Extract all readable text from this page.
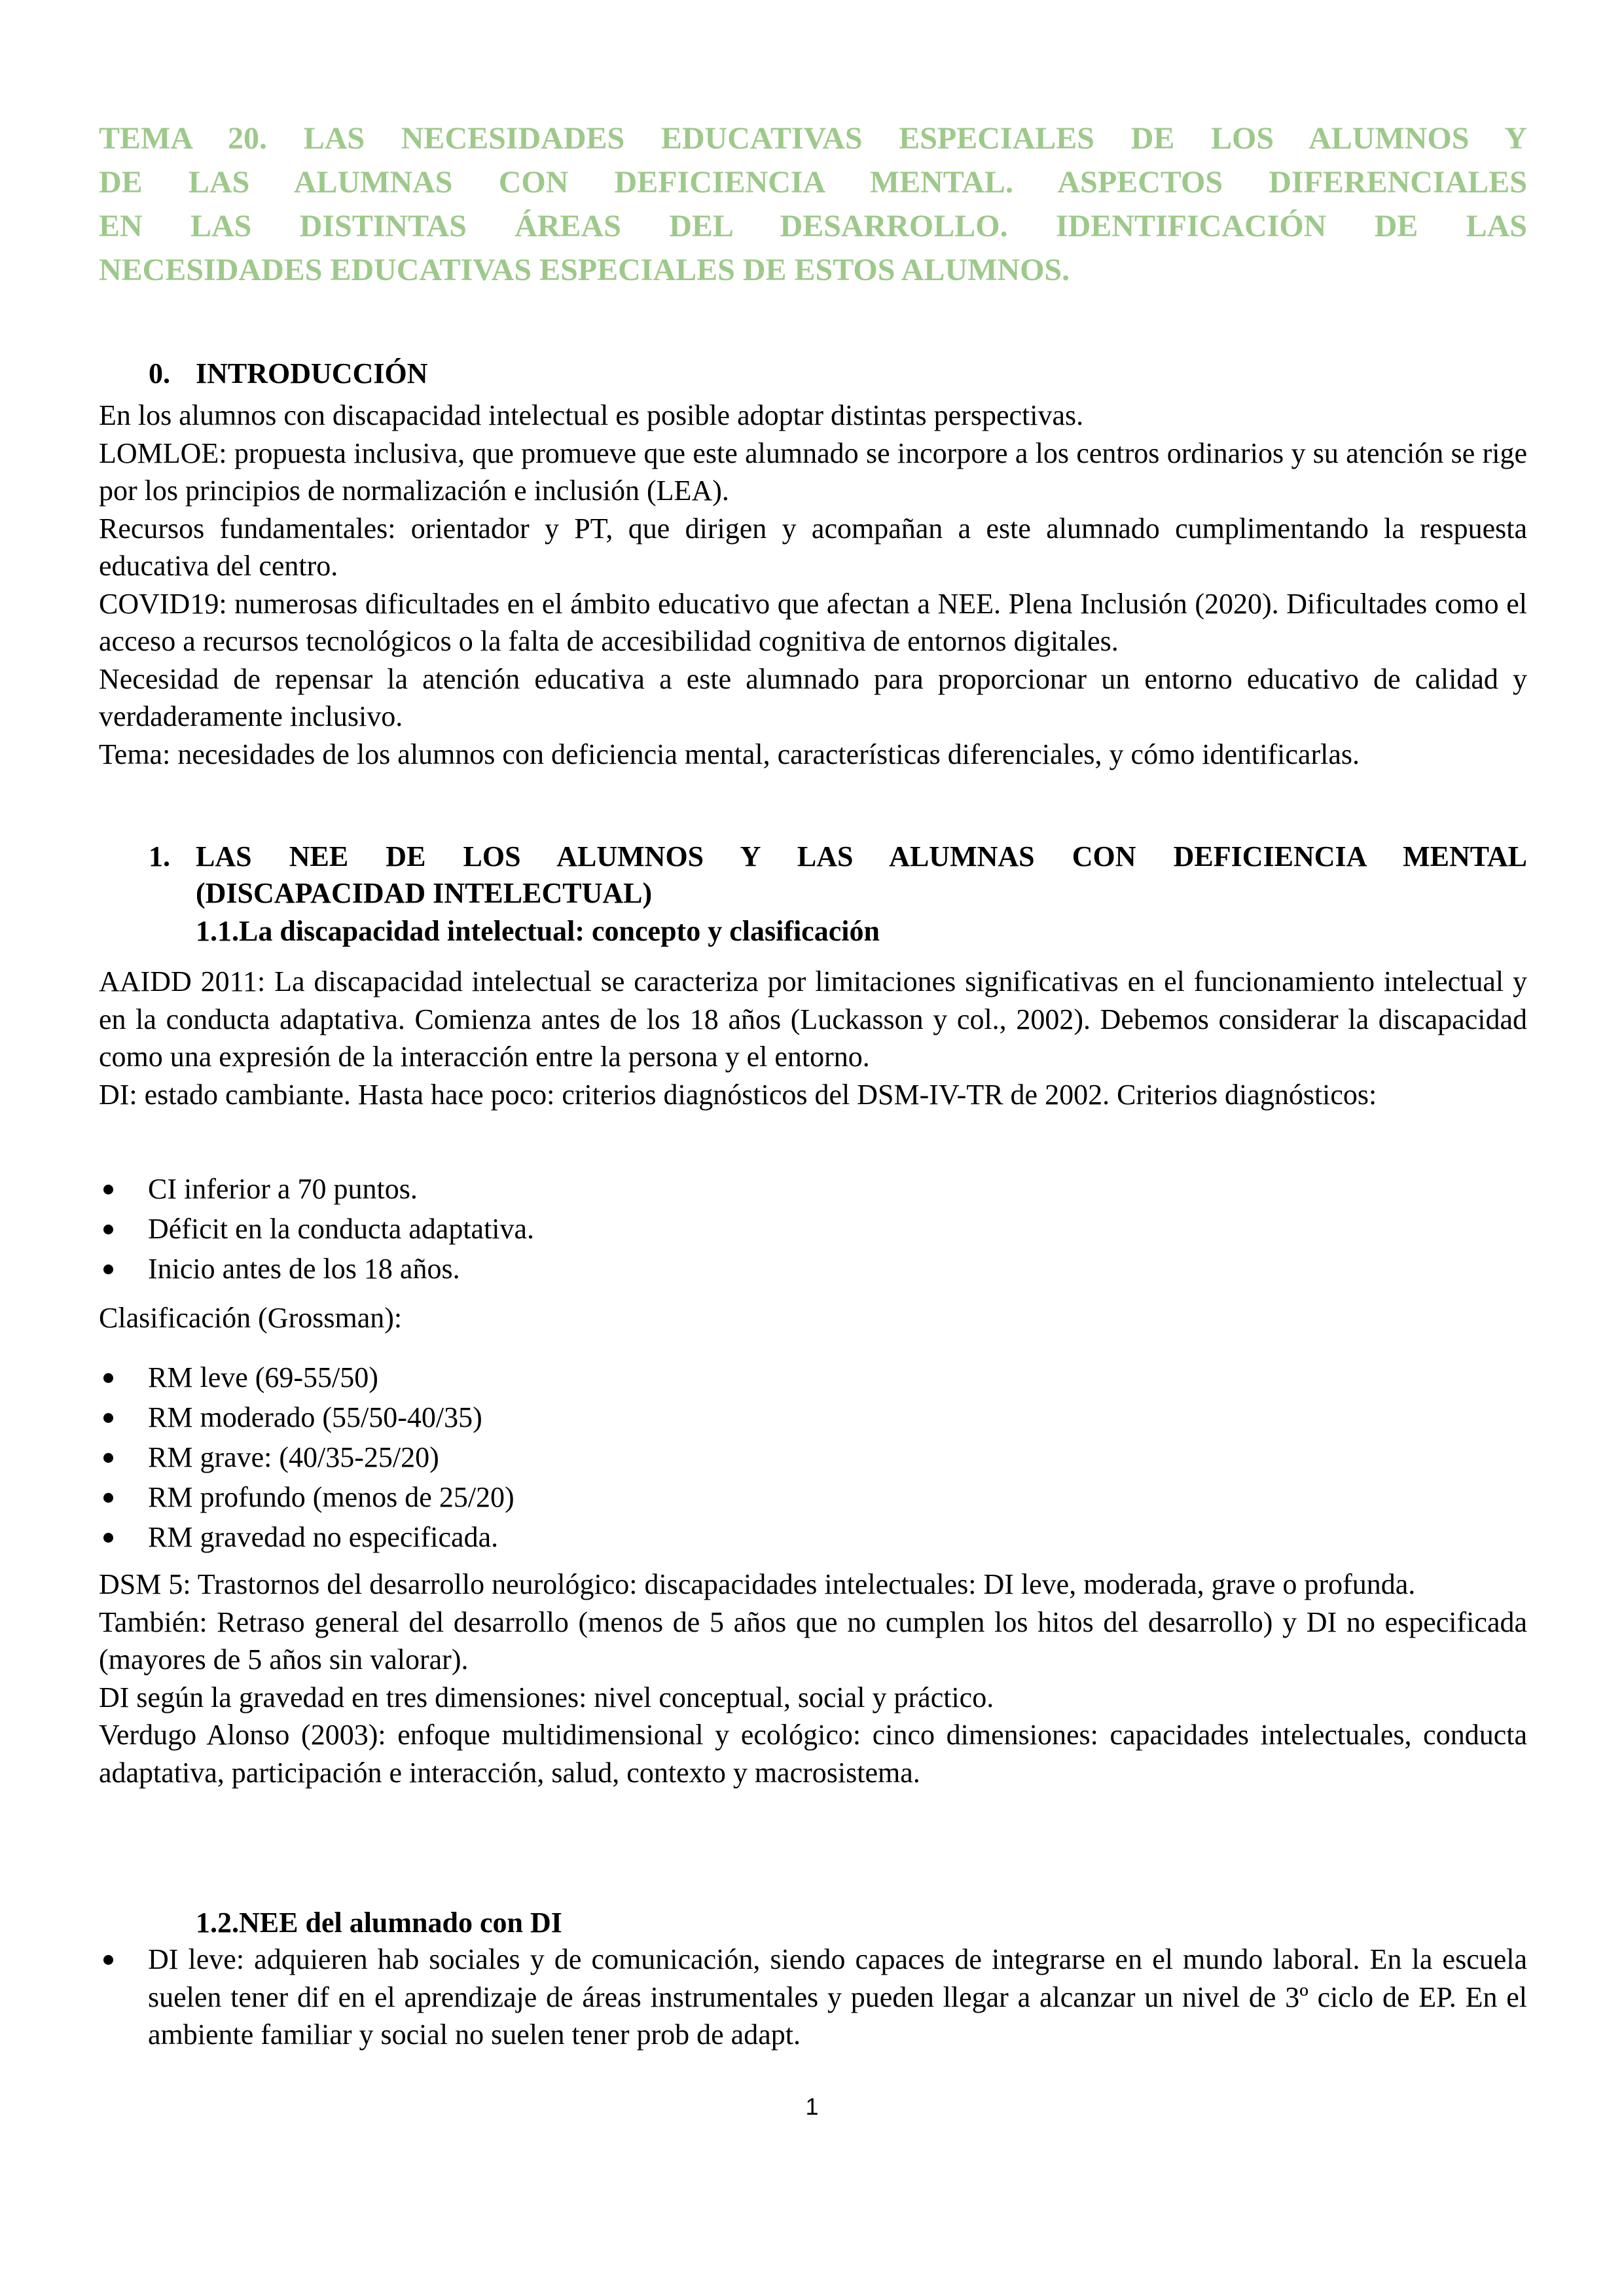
TEMA 20. LAS NECESIDADES EDUCATIVAS ESPECIALES DE LOS ALUMNOS Y
DE LAS ALUMNAS CON DEFICIENCIA MENTAL. ASPECTOS DIFERENCIALES
EN LAS DISTINTAS ÁREAS DEL DESARROLLO. IDENTIFICACIÓN DE LAS
NECESIDADES EDUCATIVAS ESPECIALES DE ESTOS ALUMNOS.
0. INTRODUCCIÓN

En los alumnos con discapacidad intelectual es posible adoptar distintas perspectivas.

LOMLOE: propuesta inclusiva, que promueve que este alumnado se incorpore a los centros ordinarios y su atención se rige por los principios de normalización e inclusión (LEA).

Recursos fundamentales: orientador y PT, que dirigen y acompañan a este alumnado cumplimentando la respuesta educativa del centro.

COVID19: numerosas dificultades en el ámbito educativo que afectan a NEE. Plena Inclusión (2020). Dificultades como el acceso a recursos tecnológicos o la falta de accesibilidad cognitiva de entornos digitales.

Necesidad de repensar la atención educativa a este alumnado para proporcionar un entorno educativo de calidad y verdaderamente inclusivo.

Tema: necesidades de los alumnos con deficiencia mental, características diferenciales, y cómo identificarlas.

1. LAS NEE DE LOS ALUMNOS Y LAS ALUMNAS CON DEFICIENCIA MENTAL
(DISCAPACIDAD INTELECTUAL)
1.1.La discapacidad intelectual: concepto y clasificación

AAIDD 2011: La discapacidad intelectual se caracteriza por limitaciones significativas en el funcionamiento intelectual y en la conducta adaptativa. Comienza antes de los 18 años (Luckasson y col., 2002). Debemos considerar la discapacidad como una expresión de la interacción entre la persona y el entorno.

DI: estado cambiante. Hasta hace poco: criterios diagnósticos del DSM-IV-TR de 2002. Criterios diagnósticos:

CI inferior a 70 puntos.
Déficit en la conducta adaptativa.
Inicio antes de los 18 años.

Clasificación (Grossman):

RM leve (69-55/50)
RM moderado (55/50-40/35)
RM grave: (40/35-25/20)
RM profundo (menos de 25/20)
RM gravedad no especificada.

DSM 5: Trastornos del desarrollo neurológico: discapacidades intelectuales: DI leve, moderada, grave o profunda.

También: Retraso general del desarrollo (menos de 5 años que no cumplen los hitos del desarrollo) y DI no especificada (mayores de 5 años sin valorar).

DI según la gravedad en tres dimensiones: nivel conceptual, social y práctico.

Verdugo Alonso (2003): enfoque multidimensional y ecológico: cinco dimensiones: capacidades intelectuales, conducta adaptativa, participación e interacción, salud, contexto y macrosistema.

1.2.NEE del alumnado con DI
DI leve: adquieren hab sociales y de comunicación, siendo capaces de integrarse en el mundo laboral. En la escuela suelen tener dif en el aprendizaje de áreas instrumentales y pueden llegar a alcanzar un nivel de 3º ciclo de EP. En el ambiente familiar y social no suelen tener prob de adapt.
1
